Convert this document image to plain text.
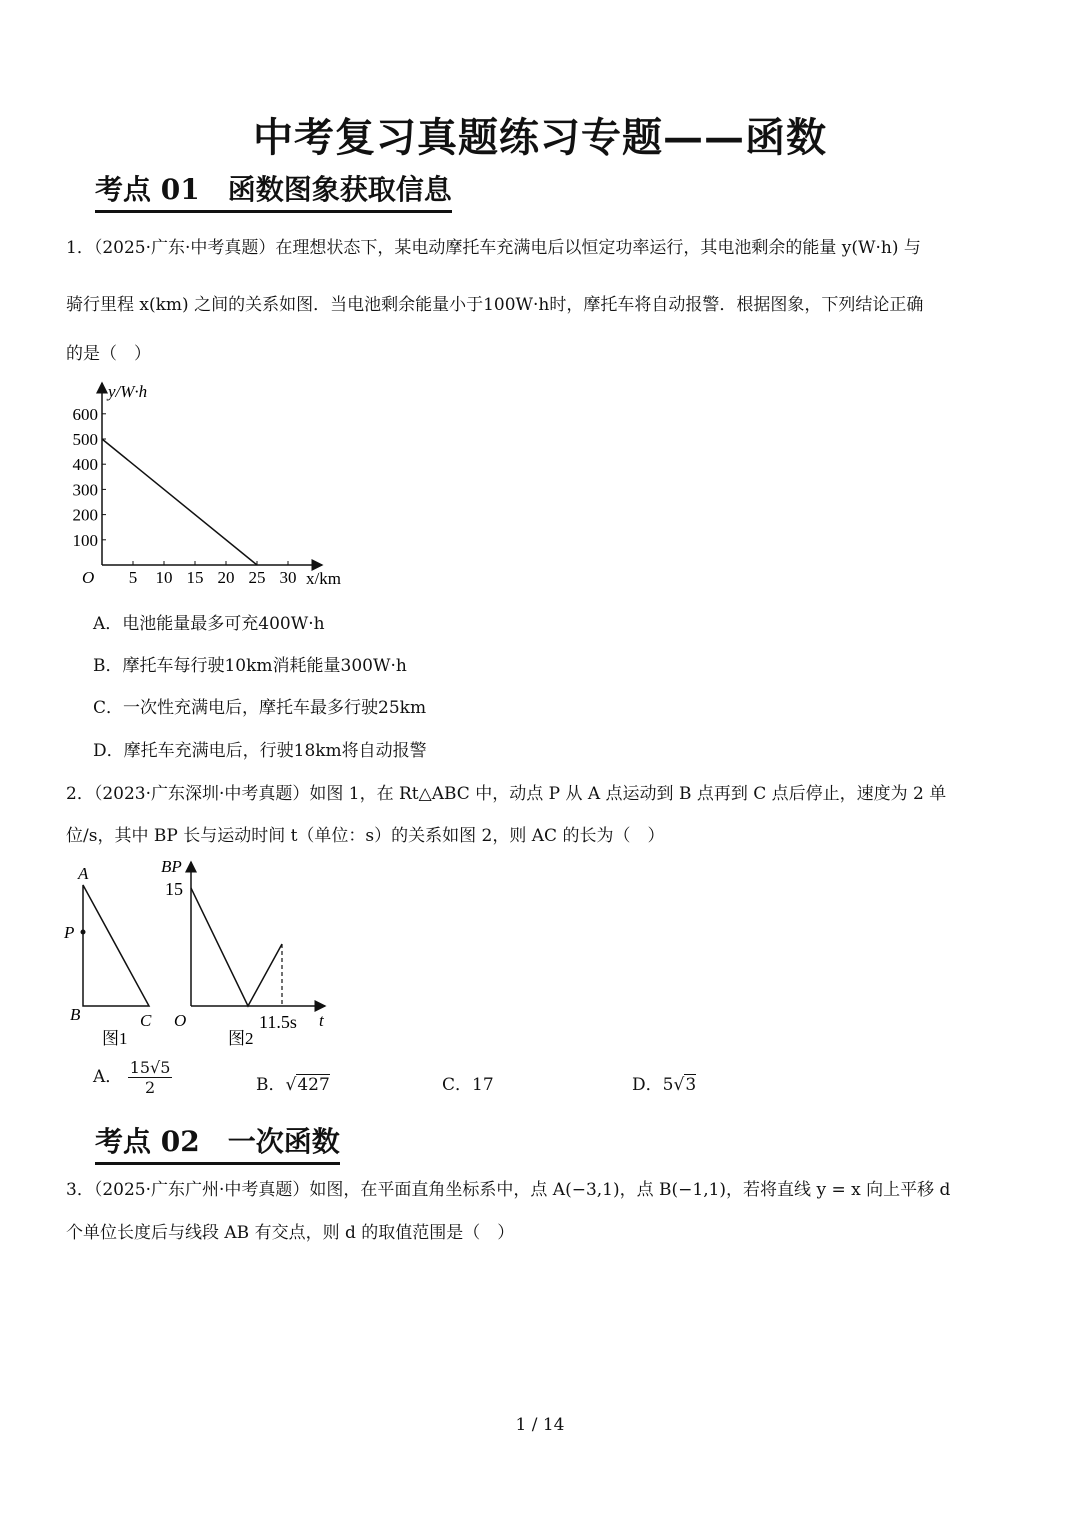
中考复习真题练习专题——函数
考点 01 函数图象获取信息
1．（2025·广东·中考真题）在理想状态下，某电动摩托车充满电后以恒定功率运行，其电池剩余的能量 y(W·h) 与
骑行里程 x(km) 之间的关系如图．当电池剩余能量小于100W·h时，摩托车将自动报警．根据图象，下列结论正确
的是（　）
5 10 15 20 25 30
100
200
300
400
500
600
y/W·h
x/km
O
A．电池能量最多可充400W·h
B．摩托车每行驶10km消耗能量300W·h
C．一次性充满电后，摩托车最多行驶25km
D．摩托车充满电后，行驶18km将自动报警
2．（2023·广东深圳·中考真题）如图 1，在 Rt△ABC 中，动点 P 从 A 点运动到 B 点再到 C 点后停止，速度为 2 单
位/s，其中 BP 长与运动时间 t（单位：s）的关系如图 2，则 AC 的长为（　）
A
P
B	C
图1
BP
15
O	11.5s t
图2
A． $\frac{15√5}{2}$	B．√427	C．17	D．5√3
考点 02 一次函数
3．（2025·广东广州·中考真题）如图，在平面直角坐标系中，点 A(−3,1)，点 B(−1,1)，若将直线 y = x 向上平移 d
个单位长度后与线段 AB 有交点，则 d 的取值范围是（　）
1 / 14
